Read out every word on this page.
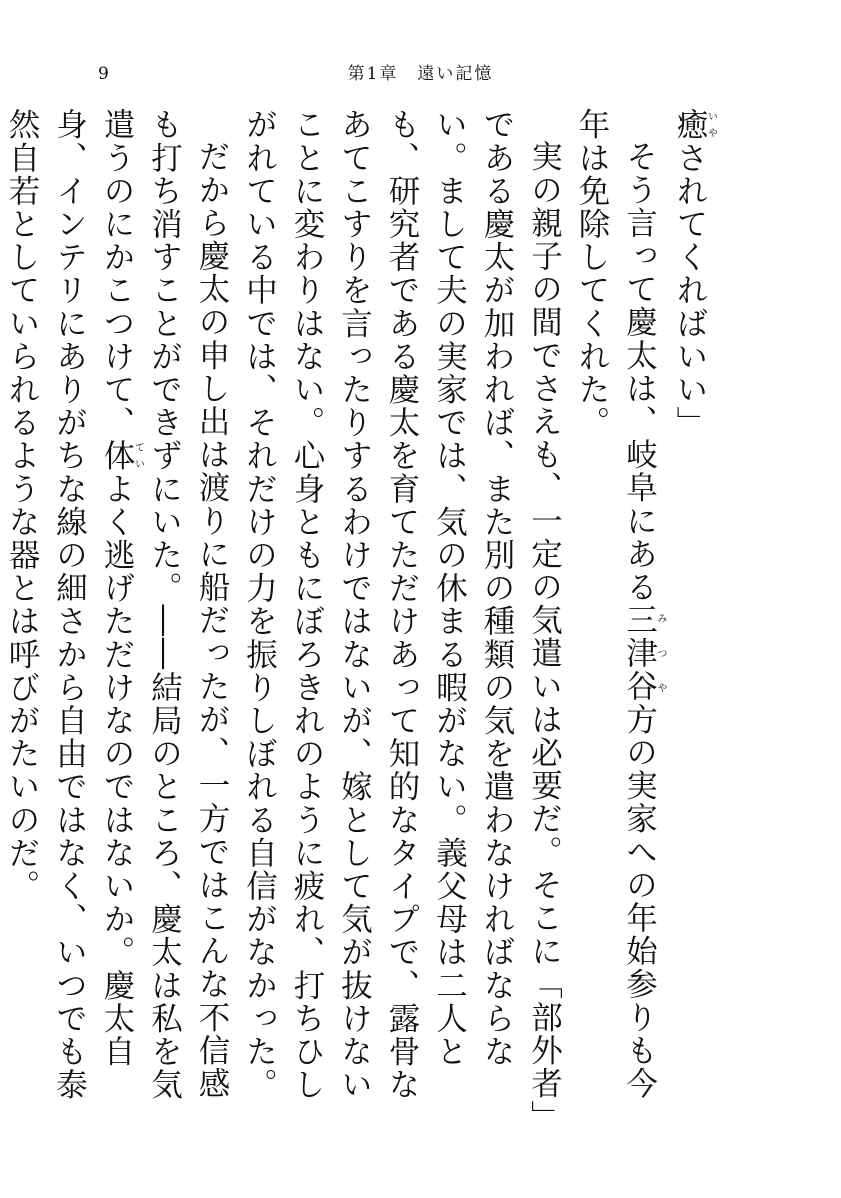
9	第1章　遠い記憶

癒いやされてくればいい」

そう言って慶太は、岐阜にある三津谷みつや方の実家への年始参りも今年は免除してくれた。

実の親子の間でさえも、一定の気遣いは必要だ。そこに「部外者」である慶太が加われば、また別の種類の気を遣わなければならない。まして夫の実家では、気の休まる暇がない。義父母は二人とも、研究者である慶太を育てただけあって知的なタイプで、露骨なあてこすりを言ったりするわけではないが、嫁として気が抜けないことに変わりはない。心身ともにぼろきれのように疲れ、打ちひしがれている中では、それだけの力を振りしぼれる自信がなかった。

だから慶太の申し出は渡りに船だったが、一方ではこんな不信感も打ち消すことができずにいた。――結局のところ、慶太は私を気遣うのにかこつけて、体ていよく逃げただけなのではないか。慶太自身、インテリにありがちな線の細さから自由ではなく、いつでも泰然自若としていられるような器とは呼びがたいのだ。
